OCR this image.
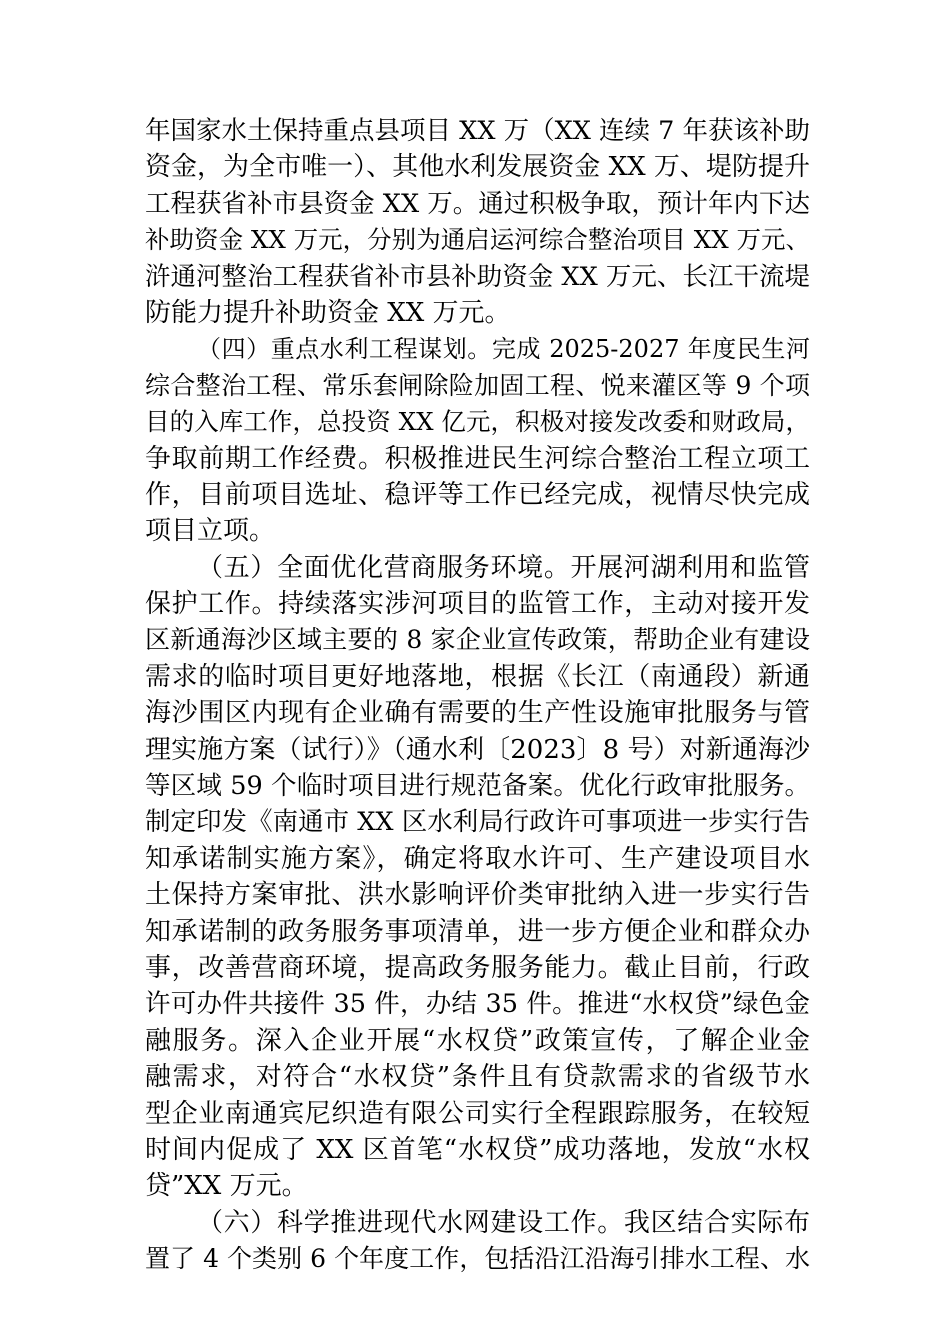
年国家水土保持重点县项目 XX 万（XX 连续 7 年获该补助
资金，为全市唯一）、其他水利发展资金 XX 万、堤防提升
工程获省补市县资金 XX 万。通过积极争取，预计年内下达
补助资金 XX 万元，分别为通启运河综合整治项目 XX 万元、
浒通河整治工程获省补市县补助资金 XX 万元、长江干流堤
防能力提升补助资金 XX 万元。
（四）重点水利工程谋划。完成 2025-2027 年度民生河
综合整治工程、常乐套闸除险加固工程、悦来灌区等 9 个项
目的入库工作，总投资 XX 亿元，积极对接发改委和财政局，
争取前期工作经费。积极推进民生河综合整治工程立项工
作，目前项目选址、稳评等工作已经完成，视情尽快完成
项目立项。
（五）全面优化营商服务环境。开展河湖利用和监管
保护工作。持续落实涉河项目的监管工作，主动对接开发
区新通海沙区域主要的 8 家企业宣传政策，帮助企业有建设
需求的临时项目更好地落地，根据《长江（南通段）新通
海沙围区内现有企业确有需要的生产性设施审批服务与管
理实施方案（试行）》（通水利〔2023〕8 号）对新通海沙
等区域 59 个临时项目进行规范备案。优化行政审批服务。
制定印发《南通市 XX 区水利局行政许可事项进一步实行告
知承诺制实施方案》，确定将取水许可、生产建设项目水
土保持方案审批、洪水影响评价类审批纳入进一步实行告
知承诺制的政务服务事项清单，进一步方便企业和群众办
事，改善营商环境，提高政务服务能力。截止目前，行政
许可办件共接件 35 件，办结 35 件。推进“水权贷”绿色金
融服务。深入企业开展“水权贷”政策宣传，了解企业金
融需求，对符合“水权贷”条件且有贷款需求的省级节水
型企业南通宾尼织造有限公司实行全程跟踪服务，在较短
时间内促成了 XX 区首笔“水权贷”成功落地，发放“水权
贷”XX 万元。
（六）科学推进现代水网建设工作。我区结合实际布
置了 4 个类别 6 个年度工作，包括沿江沿海引排水工程、水
